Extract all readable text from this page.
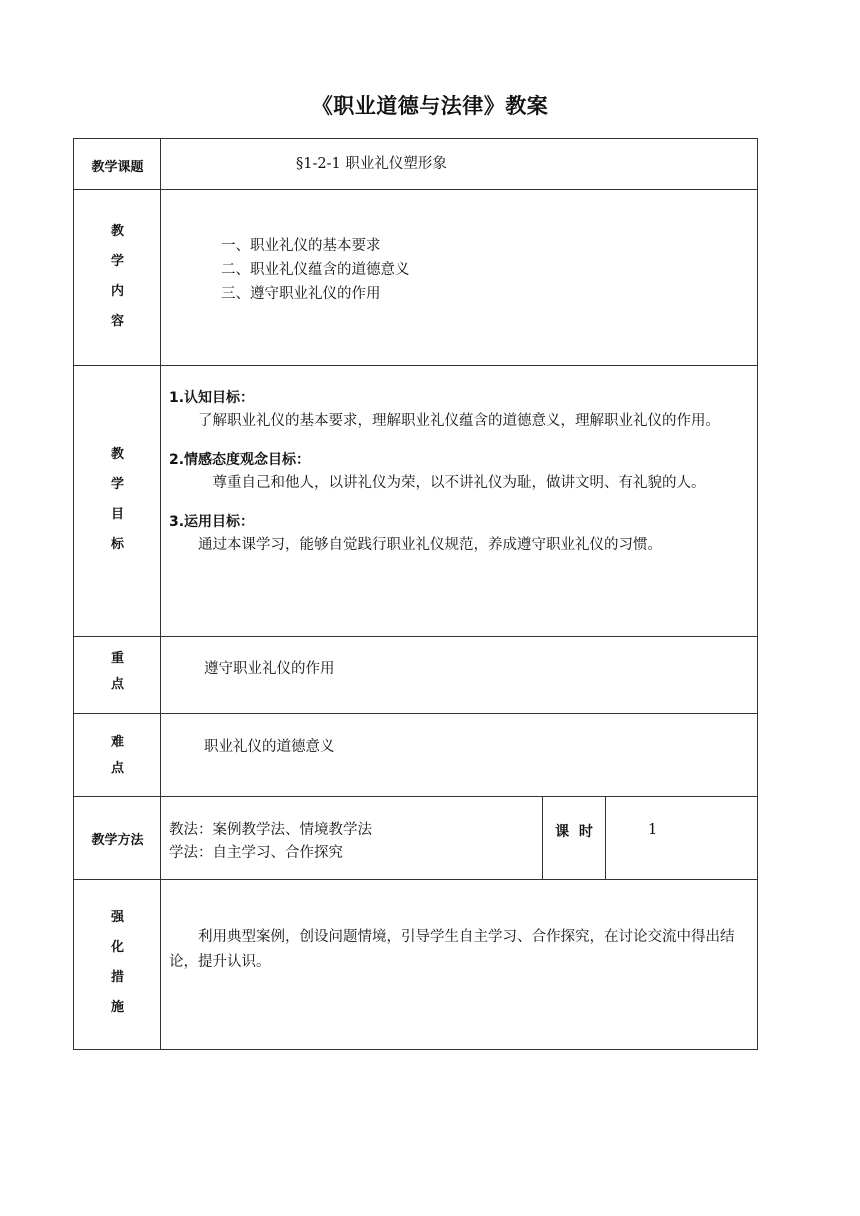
《职业道德与法律》教案
教学课题	§1-2-1 职业礼仪塑形象
教
学
内
容
一、职业礼仪的基本要求
二、职业礼仪蕴含的道德意义
三、遵守职业礼仪的作用
教
学
目
标
1.认知目标：
了解职业礼仪的基本要求，理解职业礼仪蕴含的道德意义，理解职业礼仪的作用。
2.情感态度观念目标：
尊重自己和他人，以讲礼仪为荣，以不讲礼仪为耻，做讲文明、有礼貌的人。
3.运用目标：
通过本课学习，能够自觉践行职业礼仪规范，养成遵守职业礼仪的习惯。
重
点
遵守职业礼仪的作用
难
点
职业礼仪的道德意义
教学方法
教法：案例教学法、情境教学法
学法：自主学习、合作探究
课  时	1
强
化
措
施
利用典型案例，创设问题情境，引导学生自主学习、合作探究，在讨论交流中得出结论，提升认识。
